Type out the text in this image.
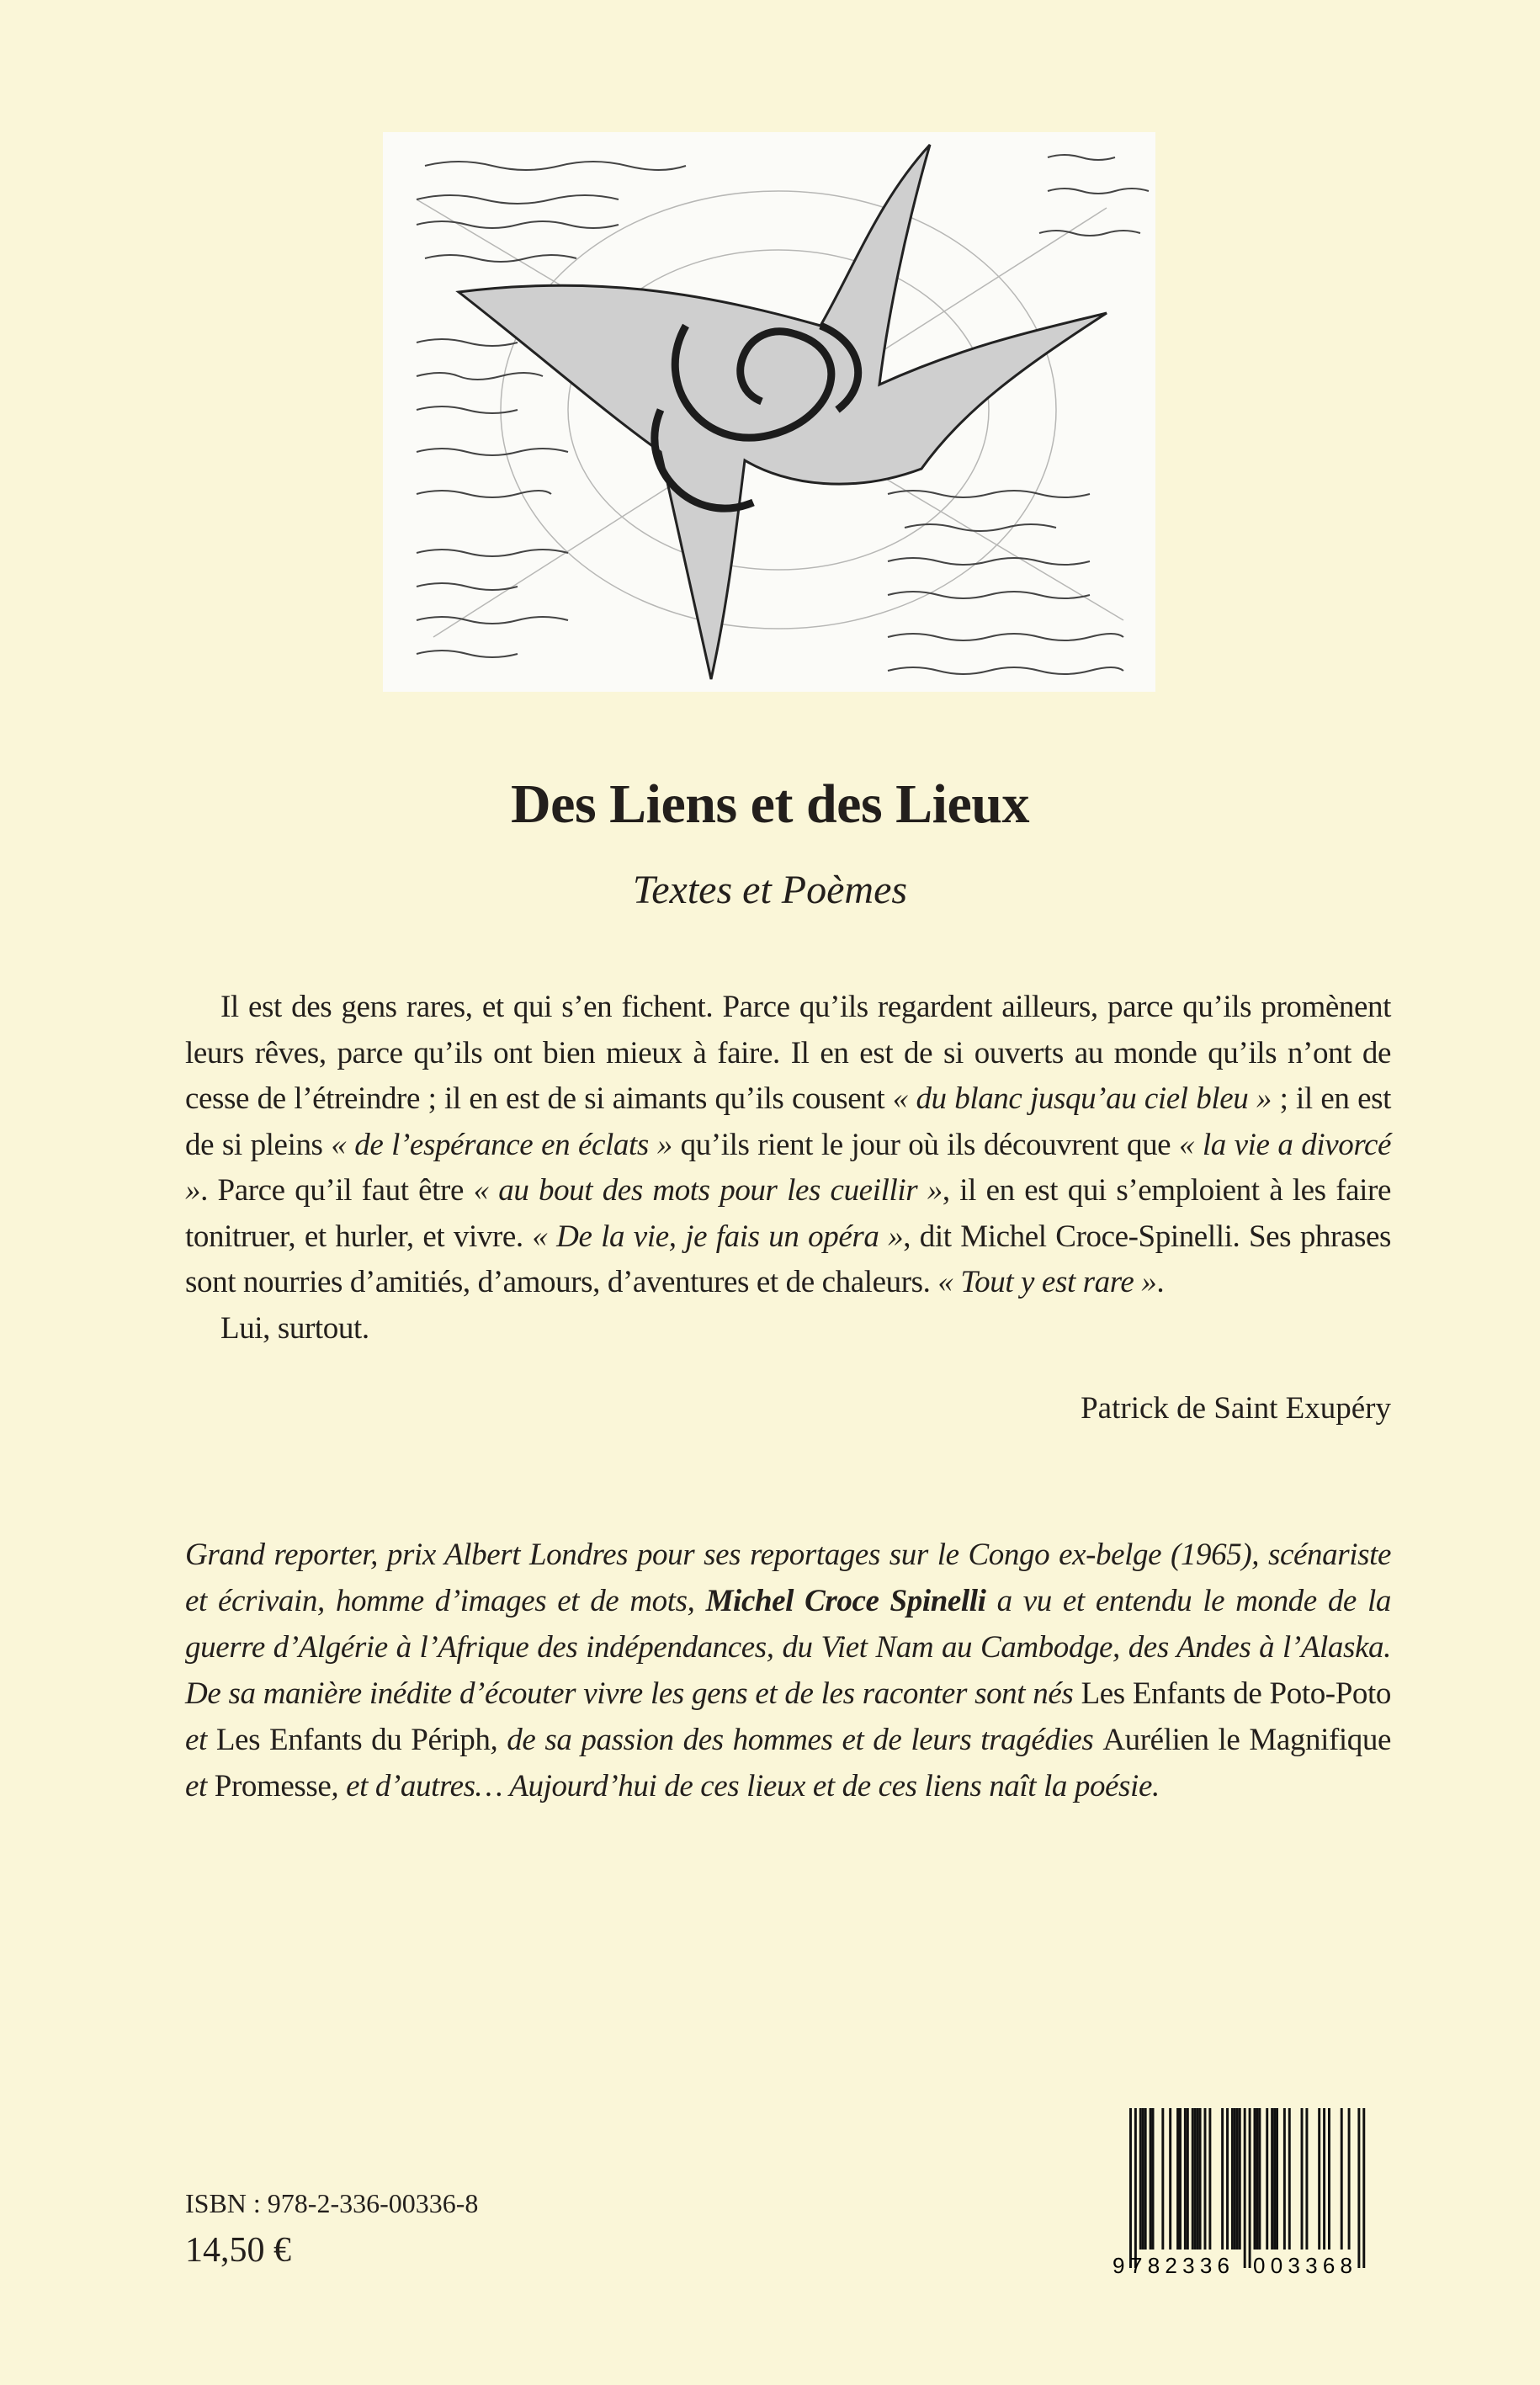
Des Liens et des Lieux
Textes et Poèmes

Il est des gens rares, et qui s’en fichent. Parce qu’ils regardent ailleurs, parce qu’ils promènent leurs rêves, parce qu’ils ont bien mieux à faire. Il en est de si ouverts au monde qu’ils n’ont de cesse de l’étreindre ; il en est de si aimants qu’ils cousent « du blanc jusqu’au ciel bleu » ; il en est de si pleins « de l’espérance en éclats » qu’ils rient le jour où ils découvrent que « la vie a divorcé ». Parce qu’il faut être « au bout des mots pour les cueillir », il en est qui s’emploient à les faire tonitruer, et hurler, et vivre. « De la vie, je fais un opéra », dit Michel Croce-Spinelli. Ses phrases sont nourries d’amitiés, d’amours, d’aventures et de chaleurs. « Tout y est rare ».

Lui, surtout.

Patrick de Saint Exupéry

Grand reporter, prix Albert Londres pour ses reportages sur le Congo ex-belge (1965), scénariste et écrivain, homme d’images et de mots, Michel Croce Spinelli a vu et entendu le monde de la guerre d’Algérie à l’Afrique des indépendances, du Viet Nam au Cambodge, des Andes à l’Alaska. De sa manière inédite d’écouter vivre les gens et de les raconter sont nés Les Enfants de Poto-Poto et Les Enfants du Périph, de sa passion des hommes et de leurs tragédies Aurélien le Magnifique et Promesse, et d’autres… Aujourd’hui de ces lieux et de ces liens naît la poésie.

ISBN : 978-2-336-00336-8
14,50 €	9 782336 003368
